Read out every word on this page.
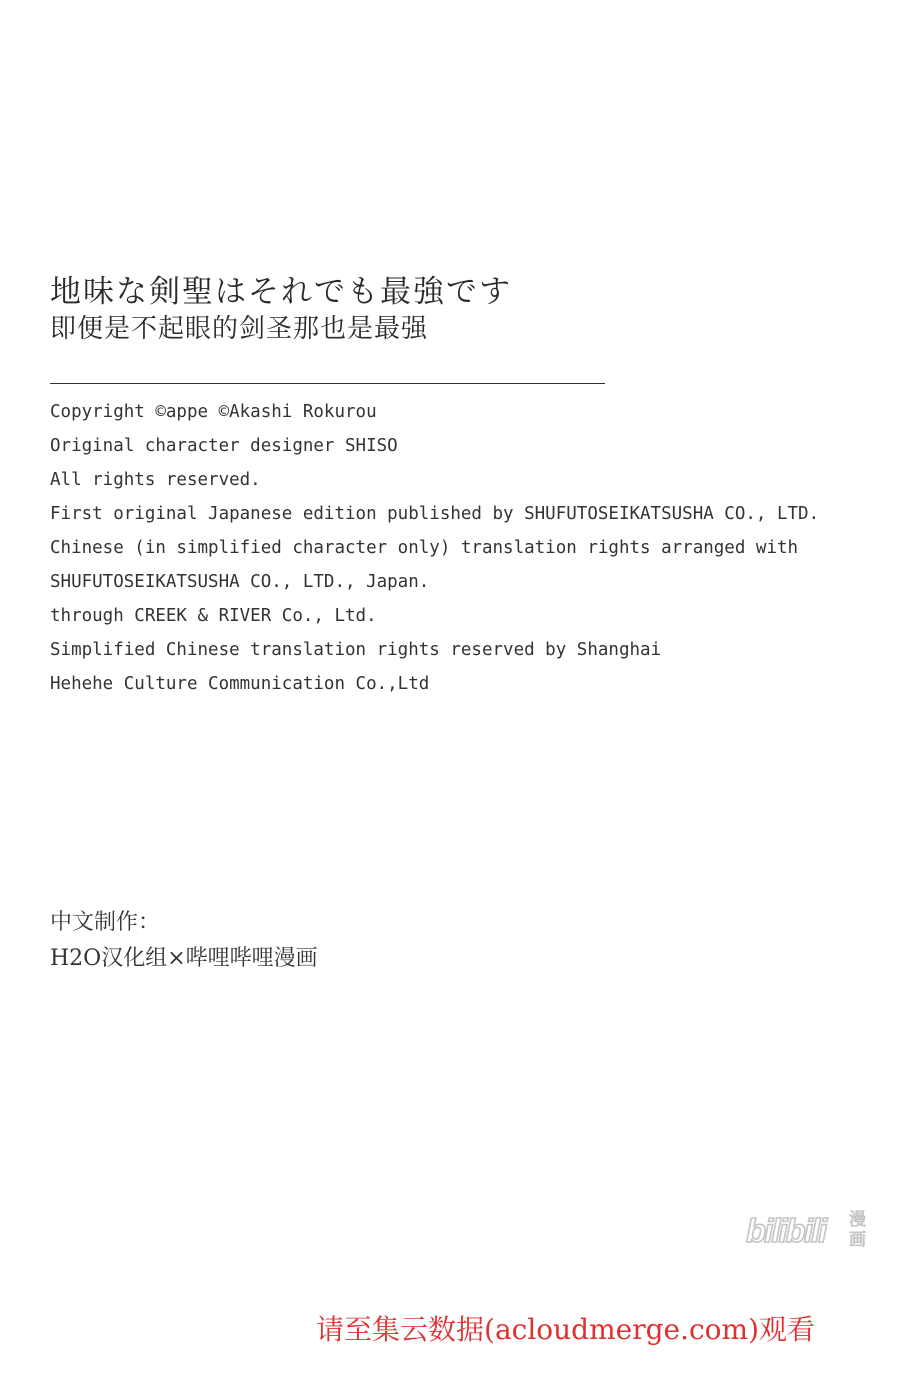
地味な剣聖はそれでも最強です
即便是不起眼的剑圣那也是最强
Copyright ©appe ©Akashi Rokurou
Original character designer SHISO
All rights reserved.
First original Japanese edition published by SHUFUTOSEIKATSUSHA CO., LTD.
Chinese (in simplified character only) translation rights arranged with
SHUFUTOSEIKATSUSHA CO., LTD., Japan.
through CREEK & RIVER Co., Ltd.
Simplified Chinese translation rights reserved by Shanghai
Hehehe Culture Communication Co.,Ltd
中文制作：
H2O汉化组×哔哩哔哩漫画
bilibili 漫
画
请至集云数据(acloudmerge.com)观看
